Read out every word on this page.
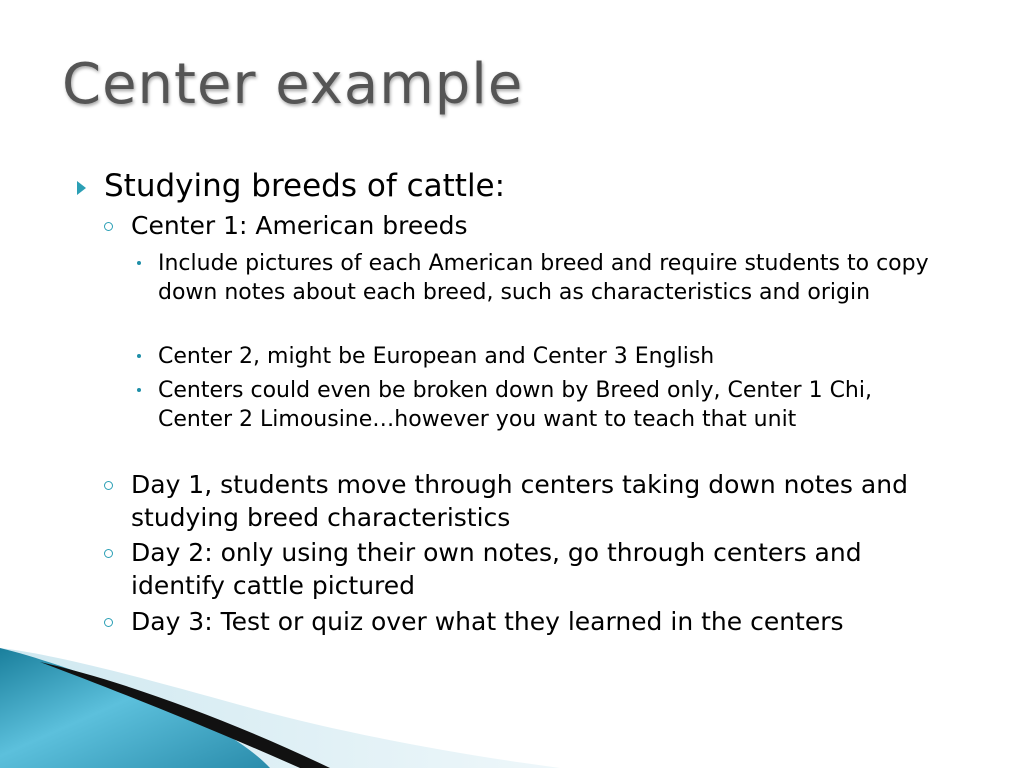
Center example
Studying breeds of cattle:
Center 1: American breeds
Include pictures of each American breed and require students to copy down notes about each breed, such as characteristics and origin
Center 2, might be European and Center 3 English
Centers could even be broken down by Breed only, Center 1 Chi, Center 2 Limousine…however you want to teach that unit
Day 1, students move through centers taking down notes and studying breed characteristics
Day 2: only using their own notes, go through centers and identify cattle pictured
Day 3: Test or quiz over what they learned in the centers
